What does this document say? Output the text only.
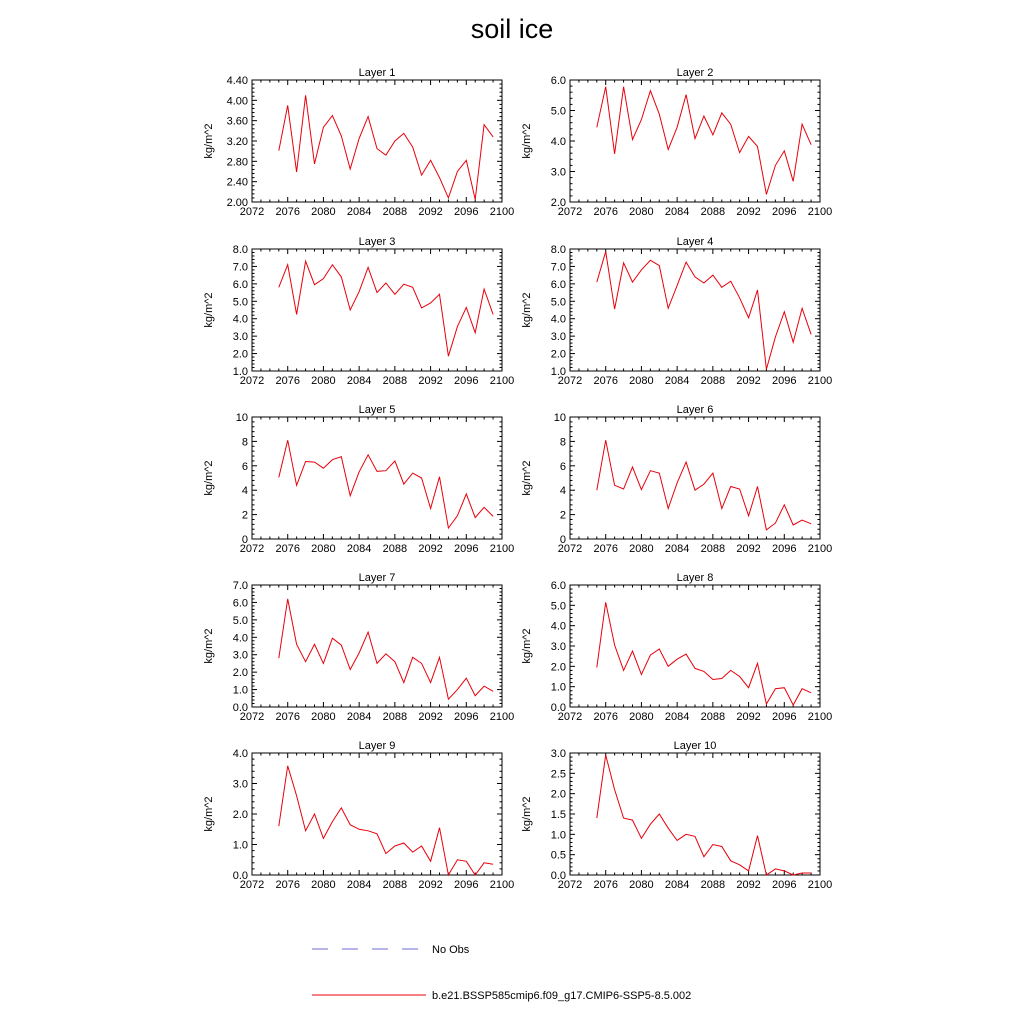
soil ice
Layer 1
2072 2076 2080 2084 2088 2092 2096 2100
2.00
2.40
2.80
3.20
3.60
4.00
4.40
kg/m^2
Layer 2
2072 2076 2080 2084 2088 2092 2096 2100
2.0
3.0
4.0
5.0
6.0
kg/m^2
Layer 3
2072 2076 2080 2084 2088 2092 2096 2100
1.0
2.0
3.0
4.0
5.0
6.0
7.0
8.0
kg/m^2
Layer 4
2072 2076 2080 2084 2088 2092 2096 2100
1.0
2.0
3.0
4.0
5.0
6.0
7.0
8.0
kg/m^2
Layer 5
2072 2076 2080 2084 2088 2092 2096 2100
0
2
4
6
8
10
kg/m^2
Layer 6
2072 2076 2080 2084 2088 2092 2096 2100
0
2
4
6
8
10
kg/m^2
Layer 7
2072 2076 2080 2084 2088 2092 2096 2100
0.0
1.0
2.0
3.0
4.0
5.0
6.0
7.0
kg/m^2
Layer 8
2072 2076 2080 2084 2088 2092 2096 2100
0.0
1.0
2.0
3.0
4.0
5.0
6.0
kg/m^2
Layer 9
2072 2076 2080 2084 2088 2092 2096 2100
0.0
1.0
2.0
3.0
4.0
kg/m^2
Layer 10
2072 2076 2080 2084 2088 2092 2096 2100
0.0
0.5
1.0
1.5
2.0
2.5
3.0
kg/m^2
No Obs
b.e21.BSSP585cmip6.f09_g17.CMIP6-SSP5-8.5.002
